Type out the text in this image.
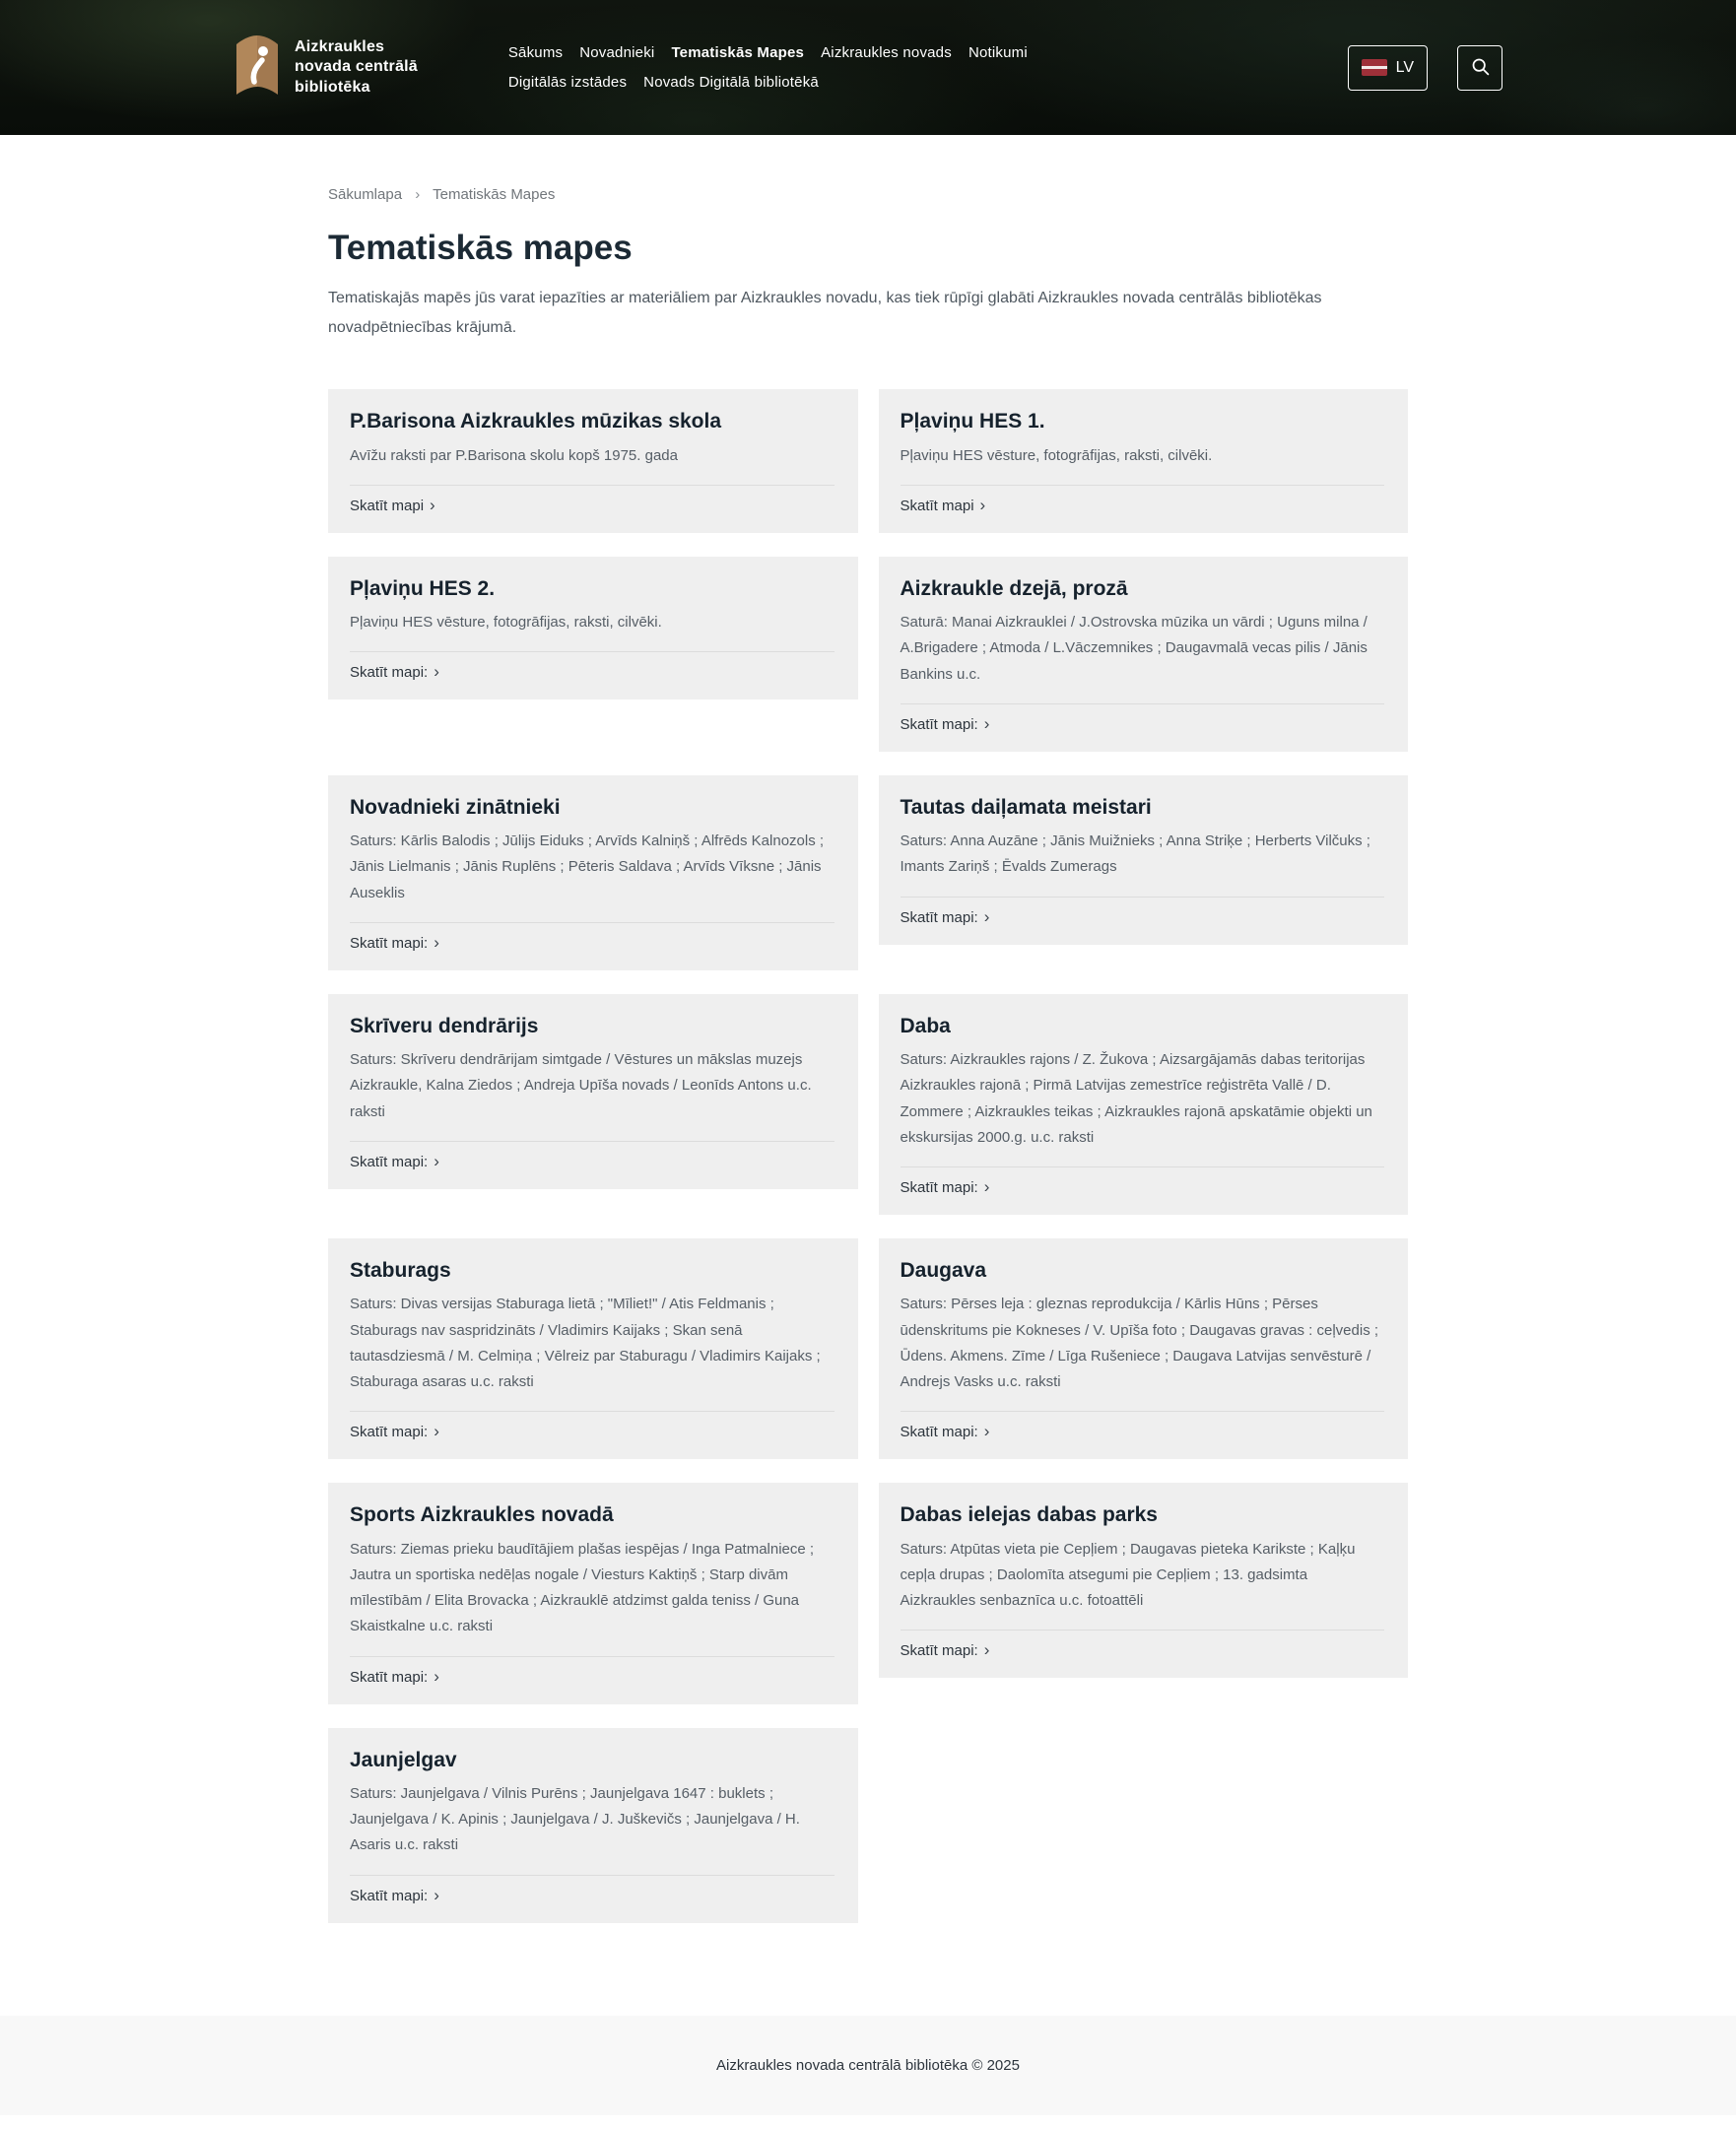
Aizkraukles
novada centrālā
bibliotēka
Sākums Novadnieki Tematiskās Mapes Aizkraukles novads Notikumi
Digitālās izstādes Novads Digitālā bibliotēkā
LV
Sākumlapa › Tematiskās Mapes
Tematiskās mapes

Tematiskajās mapēs jūs varat iepazīties ar materiāliem par Aizkraukles novadu, kas tiek rūpīgi glabāti Aizkraukles novada centrālās bibliotēkas novadpētniecības krājumā.

P.Barisona Aizkraukles mūzikas skola

Avīžu raksti par P.Barisona skolu kopš 1975. gada

Skatīt mapi ›
Pļaviņu HES 1.

Pļaviņu HES vēsture, fotogrāfijas, raksti, cilvēki.

Skatīt mapi ›
Pļaviņu HES 2.

Pļaviņu HES vēsture, fotogrāfijas, raksti, cilvēki.

Skatīt mapi: ›
Aizkraukle dzejā, prozā

Saturā: Manai Aizkrauklei / J.Ostrovska mūzika un vārdi ; Uguns milna / A.Brigadere ; Atmoda / L.Vāczemnikes ; Daugavmalā vecas pilis / Jānis Bankins u.c.

Skatīt mapi: ›
Novadnieki zinātnieki

Saturs: Kārlis Balodis ; Jūlijs Eiduks ; Arvīds Kalniņš ; Alfrēds Kalnozols ; Jānis Lielmanis ; Jānis Ruplēns ; Pēteris Saldava ; Arvīds Vīksne ; Jānis Auseklis

Skatīt mapi: ›
Tautas daiļamata meistari

Saturs: Anna Auzāne ; Jānis Muižnieks ; Anna Striķe ; Herberts Vilčuks ; Imants Zariņš ; Ēvalds Zumerags

Skatīt mapi: ›
Skrīveru dendrārijs

Saturs: Skrīveru dendrārijam simtgade / Vēstures un mākslas muzejs Aizkraukle, Kalna Ziedos ; Andreja Upīša novads / Leonīds Antons u.c. raksti

Skatīt mapi: ›
Daba

Saturs: Aizkraukles rajons / Z. Žukova ; Aizsargājamās dabas teritorijas Aizkraukles rajonā ; Pirmā Latvijas zemestrīce reģistrēta Vallē / D. Zommere ; Aizkraukles teikas ; Aizkraukles rajonā apskatāmie objekti un ekskursijas 2000.g. u.c. raksti

Skatīt mapi: ›
Staburags

Saturs: Divas versijas Staburaga lietā ; "Mīliet!" / Atis Feldmanis ; Staburags nav saspridzināts / Vladimirs Kaijaks ; Skan senā tautasdziesmā / M. Celmiņa ; Vēlreiz par Staburagu / Vladimirs Kaijaks ; Staburaga asaras u.c. raksti

Skatīt mapi: ›
Daugava

Saturs: Pērses leja : gleznas reprodukcija / Kārlis Hūns ; Pērses ūdenskritums pie Kokneses / V. Upīša foto ; Daugavas gravas : ceļvedis ; Ūdens. Akmens. Zīme / Līga Rušeniece ; Daugava Latvijas senvēsturē / Andrejs Vasks u.c. raksti

Skatīt mapi: ›
Sports Aizkraukles novadā

Saturs: Ziemas prieku baudītājiem plašas iespējas / Inga Patmalniece ; Jautra un sportiska nedēļas nogale / Viesturs Kaktiņš ; Starp divām mīlestībām / Elita Brovacka ; Aizkrauklē atdzimst galda teniss / Guna Skaistkalne u.c. raksti

Skatīt mapi: ›
Dabas ielejas dabas parks

Saturs: Atpūtas vieta pie Cepļiem ; Daugavas pieteka Karikste ; Kaļķu cepļa drupas ; Daolomīta atsegumi pie Cepļiem ; 13. gadsimta Aizkraukles senbaznīca u.c. fotoattēli

Skatīt mapi: ›
Jaunjelgav

Saturs: Jaunjelgava / Vilnis Purēns ; Jaunjelgava 1647 : buklets ; Jaunjelgava / K. Apinis ; Jaunjelgava / J. Juškevičs ; Jaunjelgava / H. Asaris u.c. raksti

Skatīt mapi: ›

Aizkraukles novada centrālā bibliotēka © 2025
